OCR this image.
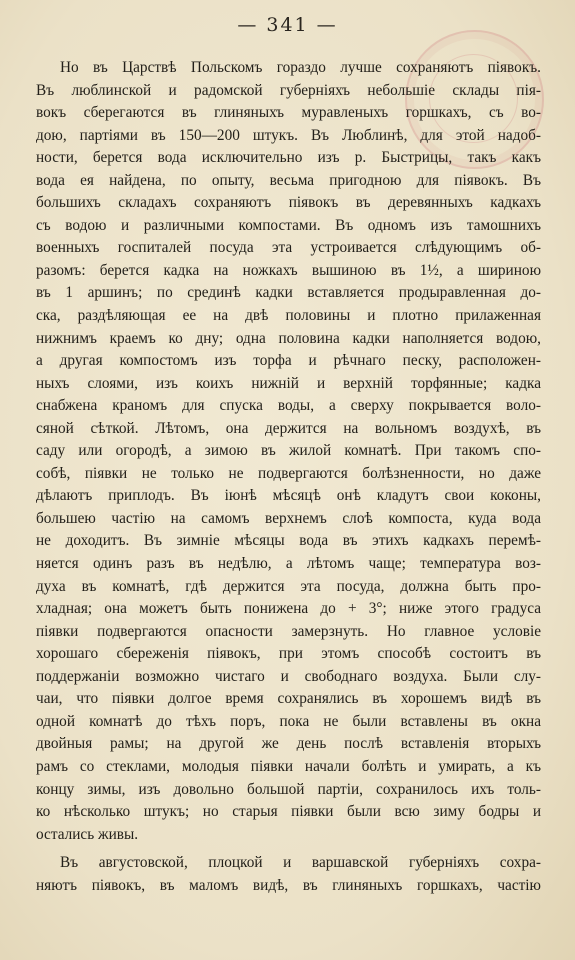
— 341 —
Но въ Царствѣ Польскомъ гораздо лучше сохраняютъ піявокъ.
Въ люблинской и радомской губерніяхъ небольшіе склады пія-
вокъ сберегаются въ глиняныхъ муравленыхъ горшкахъ, съ во-
дою, партіями въ 150—200 штукъ. Въ Люблинѣ, для этой надоб-
ности, берется вода исключительно изъ р. Быстрицы, такъ какъ
вода ея найдена, по опыту, весьма пригодною для піявокъ. Въ
большихъ складахъ сохраняютъ піявокъ въ деревянныхъ кадкахъ
съ водою и различными компостами. Въ одномъ изъ тамошнихъ
военныхъ госпиталей посуда эта устроивается слѣдующимъ об-
разомъ: берется кадка на ножкахъ вышиною въ 1½, а шириною
въ 1 аршинъ; по срединѣ кадки вставляется продыравленная до-
ска, раздѣляющая ее на двѣ половины и плотно прилаженная
нижнимъ краемъ ко дну; одна половина кадки наполняется водою,
а другая компостомъ изъ торфа и рѣчнаго песку, расположен-
ныхъ слоями, изъ коихъ нижній и верхній торфянные; кадка
снабжена краномъ для спуска воды, а сверху покрывается воло-
сяной сѣткой. Лѣтомъ, она держится на вольномъ воздухѣ, въ
саду или огородѣ, а зимою въ жилой комнатѣ. При такомъ спо-
собѣ, піявки не только не подвергаются болѣзненности, но даже
дѣлаютъ приплодъ. Въ іюнѣ мѣсяцѣ онѣ кладутъ свои коконы,
большею частію на самомъ верхнемъ слоѣ компоста, куда вода
не доходитъ. Въ зимніе мѣсяцы вода въ этихъ кадкахъ перемѣ-
няется одинъ разъ въ недѣлю, а лѣтомъ чаще; температура воз-
духа въ комнатѣ, гдѣ держится эта посуда, должна быть про-
хладная; она можетъ быть понижена до + 3°; ниже этого градуса
піявки подвергаются опасности замерзнуть. Но главное условіе
хорошаго сбереженія піявокъ, при этомъ способѣ состоитъ въ
поддержаніи возможно чистаго и свободнаго воздуха. Были слу-
чаи, что піявки долгое время сохранялись въ хорошемъ видѣ въ
одной комнатѣ до тѣхъ поръ, пока не были вставлены въ окна
двойныя рамы; на другой же день послѣ вставленія вторыхъ
рамъ со стеклами, молодыя піявки начали болѣть и умирать, а къ
концу зимы, изъ довольно большой партіи, сохранилось ихъ толь-
ко нѣсколько штукъ; но старыя піявки были всю зиму бодры и
остались живы.
Въ августовской, плоцкой и варшавской губерніяхъ сохра-
няютъ піявокъ, въ маломъ видѣ, въ глиняныхъ горшкахъ, частію
